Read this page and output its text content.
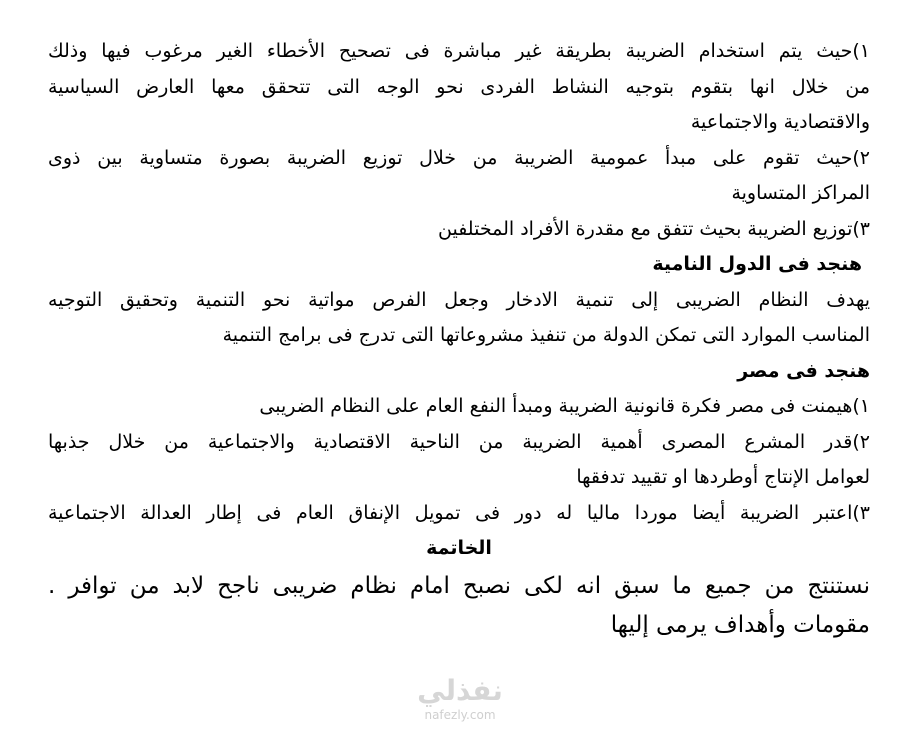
١)حيث يتم استخدام الضريبة بطريقة غير مباشرة فى تصحيح الأخطاء الغير مرغوب فيها وذلك
من خلال انها بتقوم بتوجيه النشاط الفردى نحو الوجه التى تتحقق معها العارض السياسية
والاقتصادية والاجتماعية
٢)حيث تقوم على مبدأ عمومية الضريبة من خلال توزيع الضريبة بصورة متساوية بين ذوى
المراكز المتساوية
٣)توزيع الضريبة بحيث تتفق مع مقدرة الأفراد المختلفين
هنجد فى الدول النامية
يهدف النظام الضريبى إلى تنمية الادخار وجعل الفرص مواتية نحو التنمية وتحقيق التوجيه
المناسب الموارد التى تمكن الدولة من تنفيذ مشروعاتها التى تدرج فى برامج التنمية
هنجد فى مصر
١)هيمنت فى مصر فكرة قانونية الضريبة ومبدأ النفع العام على النظام الضريبى
٢)قدر المشرع المصرى أهمية الضريبة من الناحية الاقتصادية والاجتماعية من خلال جذبها
لعوامل الإنتاج أوطردها او تقييد تدفقها
٣)اعتبر الضريبة أيضا موردا ماليا له دور فى تمويل الإنفاق العام فى إطار العدالة الاجتماعية
الخاتمة
نستنتج من جميع ما سبق انه لكى نصبح امام نظام ضريبى ناجح لابد من توافر .
مقومات وأهداف يرمى إليها
نفذلي
nafezly.com
